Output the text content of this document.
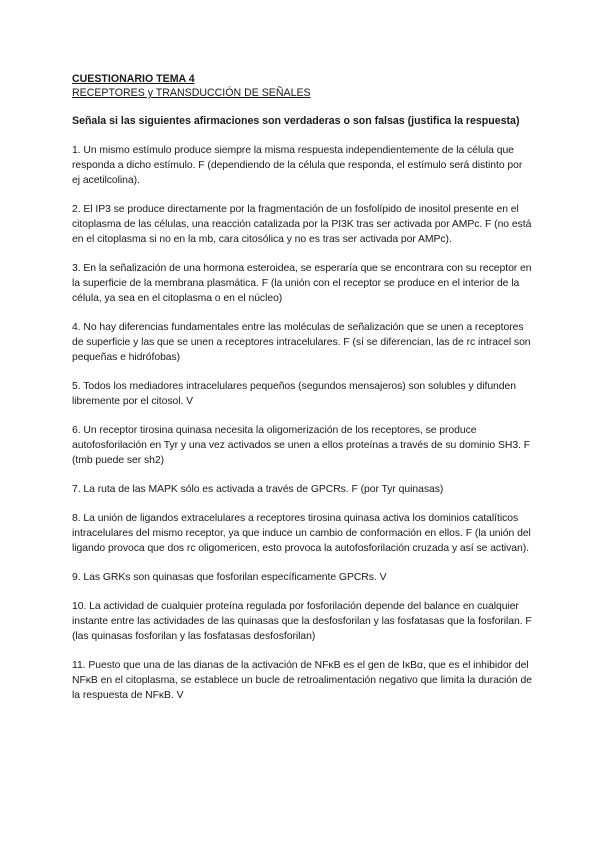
CUESTIONARIO TEMA 4

RECEPTORES y TRANSDUCCIÓN DE SEÑALES

Señala si las siguientes afirmaciones son verdaderas o son falsas (justifica la respuesta)

1. Un mismo estímulo produce siempre la misma respuesta independientemente de la célula que responda a dicho estímulo. F (dependiendo de la célula que responda, el estímulo será distinto por ej acetilcolina).

2. El IP3 se produce directamente por la fragmentación de un fosfolípido de inositol presente en el citoplasma de las células, una reacción catalizada por la PI3K tras ser activada por AMPc. F (no está en el citoplasma si no en la mb, cara citosólica y no es tras ser activada por AMPc).

3. En la señalización de una hormona esteroidea, se esperaría que se encontrara con su receptor en la superficie de la membrana plasmática. F (la unión con el receptor se produce en el interior de la célula, ya sea en el citoplasma o en el núcleo)

4. No hay diferencias fundamentales entre las moléculas de señalización que se unen a receptores de superficie y las que se unen a receptores intracelulares. F (sí se diferencian, las de rc intracel son pequeñas e hidrófobas)

5. Todos los mediadores intracelulares pequeños (segundos mensajeros) son solubles y difunden libremente por el citosol. V

6. Un receptor tirosina quinasa necesita la oligomerización de los receptores, se produce autofosforilación en Tyr y una vez activados se unen a ellos proteínas a través de su dominio SH3. F (tmb puede ser sh2)

7. La ruta de las MAPK sólo es activada a través de GPCRs. F (por Tyr quinasas)

8. La unión de ligandos extracelulares a receptores tirosina quinasa activa los dominios catalíticos intracelulares del mismo receptor, ya que induce un cambio de conformación en ellos. F (la unión del ligando provoca que dos rc oligomericen, esto provoca la autofosforilación cruzada y así se activan).

9. Las GRKs son quinasas que fosforilan específicamente GPCRs. V

10. La actividad de cualquier proteína regulada por fosforilación depende del balance en cualquier instante entre las actividades de las quinasas que la desfosforilan y las fosfatasas que la fosforilan. F (las quinasas fosforilan y las fosfatasas desfosforilan)

11. Puesto que una de las dianas de la activación de NFκB es el gen de IκBα, que es el inhibidor del NFκB en el citoplasma, se establece un bucle de retroalimentación negativo que limita la duración de la respuesta de NFκB. V
